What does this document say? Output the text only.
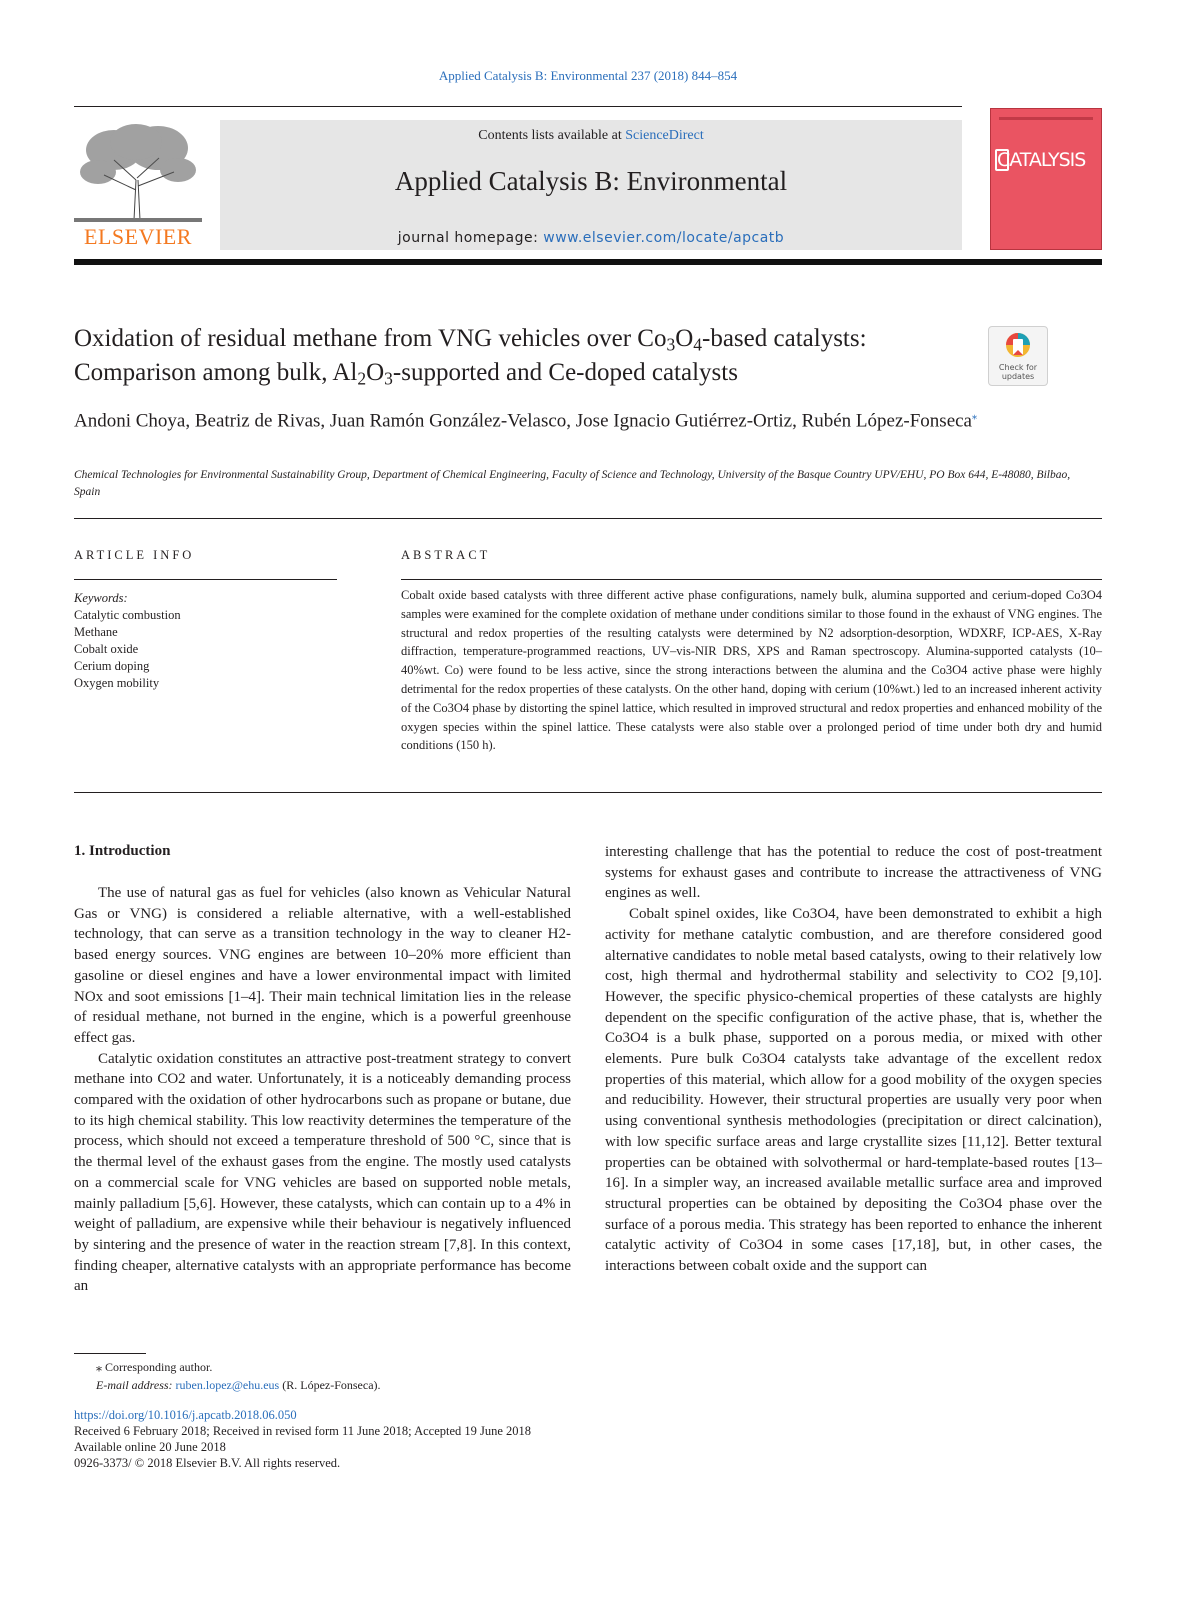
Applied Catalysis B: Environmental 237 (2018) 844–854
ELSEVIER
Contents lists available at ScienceDirect
Applied Catalysis B: Environmental
journal homepage: www.elsevier.com/locate/apcatb
CATALYSIS
Oxidation of residual methane from VNG vehicles over $Co_3O_4$-based catalysts: Comparison among bulk, $Al_2O_3$-supported and Ce-doped catalysts	Check for updates
Andoni Choya, Beatriz de Rivas, Juan Ramón González-Velasco, Jose Ignacio Gutiérrez-Ortiz, Rubén López-Fonseca⁎
Chemical Technologies for Environmental Sustainability Group, Department of Chemical Engineering, Faculty of Science and Technology, University of the Basque Country UPV/EHU, PO Box 644, E-48080, Bilbao, Spain
ARTICLE INFO	ABSTRACT
Keywords:
Catalytic combustion
Methane
Cobalt oxide
Cerium doping
Oxygen mobility
Cobalt oxide based catalysts with three different active phase configurations, namely bulk, alumina supported and cerium-doped Co3O4 samples were examined for the complete oxidation of methane under conditions similar to those found in the exhaust of VNG engines. The structural and redox properties of the resulting catalysts were determined by N2 adsorption-desorption, WDXRF, ICP-AES, X-Ray diffraction, temperature-programmed reactions, UV–vis-NIR DRS, XPS and Raman spectroscopy. Alumina-supported catalysts (10–40%wt. Co) were found to be less active, since the strong interactions between the alumina and the Co3O4 active phase were highly detrimental for the redox properties of these catalysts. On the other hand, doping with cerium (10%wt.) led to an increased inherent activity of the Co3O4 phase by distorting the spinel lattice, which resulted in improved structural and redox properties and enhanced mobility of the oxygen species within the spinel lattice. These catalysts were also stable over a prolonged period of time under both dry and humid conditions (150 h).
1. Introduction

The use of natural gas as fuel for vehicles (also known as Vehicular Natural Gas or VNG) is considered a reliable alternative, with a well-established technology, that can serve as a transition technology in the way to cleaner H2-based energy sources. VNG engines are between 10–20% more efficient than gasoline or diesel engines and have a lower environmental impact with limited NOx and soot emissions [1–4]. Their main technical limitation lies in the release of residual methane, not burned in the engine, which is a powerful greenhouse effect gas.

Catalytic oxidation constitutes an attractive post-treatment strategy to convert methane into CO2 and water. Unfortunately, it is a noticeably demanding process compared with the oxidation of other hydrocarbons such as propane or butane, due to its high chemical stability. This low reactivity determines the temperature of the process, which should not exceed a temperature threshold of 500 °C, since that is the thermal level of the exhaust gases from the engine. The mostly used catalysts on a commercial scale for VNG vehicles are based on supported noble metals, mainly palladium [5,6]. However, these catalysts, which can contain up to a 4% in weight of palladium, are expensive while their behaviour is negatively influenced by sintering and the presence of water in the reaction stream [7,8]. In this context, finding cheaper, alternative catalysts with an appropriate performance has become an

interesting challenge that has the potential to reduce the cost of post-treatment systems for exhaust gases and contribute to increase the attractiveness of VNG engines as well.

Cobalt spinel oxides, like Co3O4, have been demonstrated to exhibit a high activity for methane catalytic combustion, and are therefore considered good alternative candidates to noble metal based catalysts, owing to their relatively low cost, high thermal and hydrothermal stability and selectivity to CO2 [9,10]. However, the specific physico-chemical properties of these catalysts are highly dependent on the specific configuration of the active phase, that is, whether the Co3O4 is a bulk phase, supported on a porous media, or mixed with other elements. Pure bulk Co3O4 catalysts take advantage of the excellent redox properties of this material, which allow for a good mobility of the oxygen species and reducibility. However, their structural properties are usually very poor when using conventional synthesis methodologies (precipitation or direct calcination), with low specific surface areas and large crystallite sizes [11,12]. Better textural properties can be obtained with solvothermal or hard-template-based routes [13–16]. In a simpler way, an increased available metallic surface area and improved structural properties can be obtained by depositing the Co3O4 phase over the surface of a porous media. This strategy has been reported to enhance the inherent catalytic activity of Co3O4 in some cases [17,18], but, in other cases, the interactions between cobalt oxide and the support can

⁎ Corresponding author.
E-mail address: ruben.lopez@ehu.eus (R. López-Fonseca).
https://doi.org/10.1016/j.apcatb.2018.06.050
Received 6 February 2018; Received in revised form 11 June 2018; Accepted 19 June 2018
Available online 20 June 2018
0926-3373/ © 2018 Elsevier B.V. All rights reserved.
